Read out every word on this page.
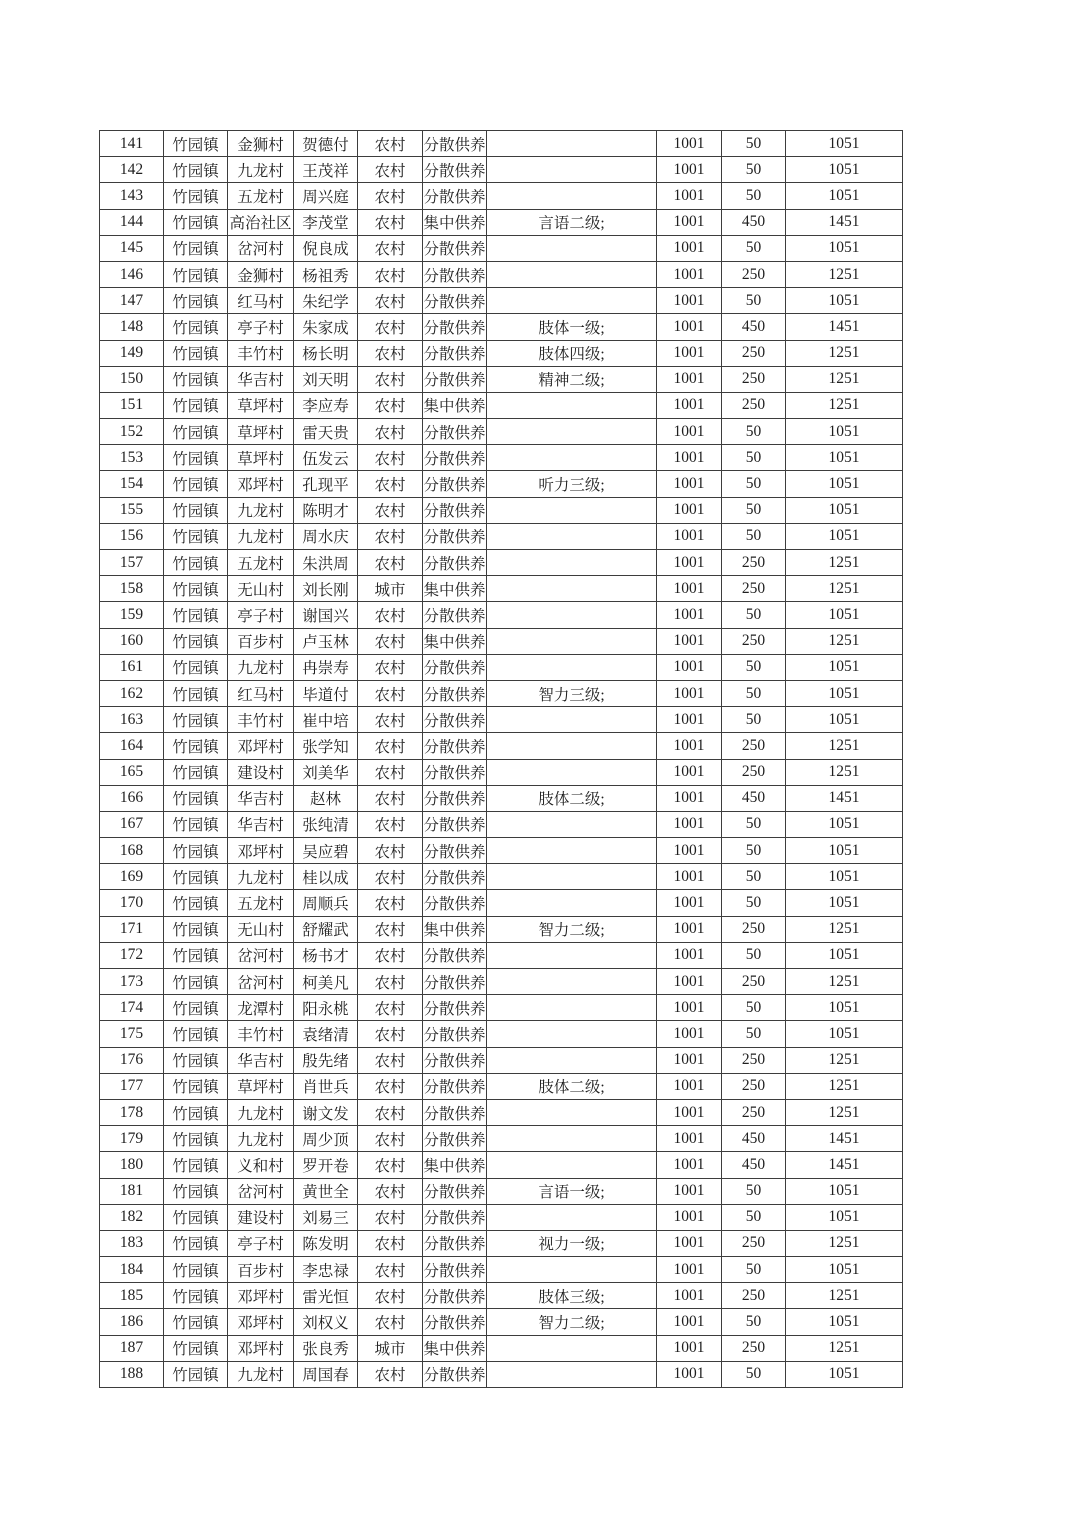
141	竹园镇	金狮村	贺德付	农村	分散供养		1001	50	1051
142	竹园镇	九龙村	王茂祥	农村	分散供养		1001	50	1051
143	竹园镇	五龙村	周兴庭	农村	分散供养		1001	50	1051
144	竹园镇	高治社区	李茂堂	农村	集中供养	言语二级;	1001	450	1451
145	竹园镇	岔河村	倪良成	农村	分散供养		1001	50	1051
146	竹园镇	金狮村	杨祖秀	农村	分散供养		1001	250	1251
147	竹园镇	红马村	朱纪学	农村	分散供养		1001	50	1051
148	竹园镇	亭子村	朱家成	农村	分散供养	肢体一级;	1001	450	1451
149	竹园镇	丰竹村	杨长明	农村	分散供养	肢体四级;	1001	250	1251
150	竹园镇	华吉村	刘天明	农村	分散供养	精神二级;	1001	250	1251
151	竹园镇	草坪村	李应寿	农村	集中供养		1001	250	1251
152	竹园镇	草坪村	雷天贵	农村	分散供养		1001	50	1051
153	竹园镇	草坪村	伍发云	农村	分散供养		1001	50	1051
154	竹园镇	邓坪村	孔现平	农村	分散供养	听力三级;	1001	50	1051
155	竹园镇	九龙村	陈明才	农村	分散供养		1001	50	1051
156	竹园镇	九龙村	周水庆	农村	分散供养		1001	50	1051
157	竹园镇	五龙村	朱洪周	农村	分散供养		1001	250	1251
158	竹园镇	无山村	刘长刚	城市	集中供养		1001	250	1251
159	竹园镇	亭子村	谢国兴	农村	分散供养		1001	50	1051
160	竹园镇	百步村	卢玉林	农村	集中供养		1001	250	1251
161	竹园镇	九龙村	冉崇寿	农村	分散供养		1001	50	1051
162	竹园镇	红马村	毕道付	农村	分散供养	智力三级;	1001	50	1051
163	竹园镇	丰竹村	崔中培	农村	分散供养		1001	50	1051
164	竹园镇	邓坪村	张学知	农村	分散供养		1001	250	1251
165	竹园镇	建设村	刘美华	农村	分散供养		1001	250	1251
166	竹园镇	华吉村	赵林	农村	分散供养	肢体二级;	1001	450	1451
167	竹园镇	华吉村	张纯清	农村	分散供养		1001	50	1051
168	竹园镇	邓坪村	吴应碧	农村	分散供养		1001	50	1051
169	竹园镇	九龙村	桂以成	农村	分散供养		1001	50	1051
170	竹园镇	五龙村	周顺兵	农村	分散供养		1001	50	1051
171	竹园镇	无山村	舒耀武	农村	集中供养	智力二级;	1001	250	1251
172	竹园镇	岔河村	杨书才	农村	分散供养		1001	50	1051
173	竹园镇	岔河村	柯美凡	农村	分散供养		1001	250	1251
174	竹园镇	龙潭村	阳永桃	农村	分散供养		1001	50	1051
175	竹园镇	丰竹村	袁绪清	农村	分散供养		1001	50	1051
176	竹园镇	华吉村	殷先绪	农村	分散供养		1001	250	1251
177	竹园镇	草坪村	肖世兵	农村	分散供养	肢体二级;	1001	250	1251
178	竹园镇	九龙村	谢文发	农村	分散供养		1001	250	1251
179	竹园镇	九龙村	周少顶	农村	分散供养		1001	450	1451
180	竹园镇	义和村	罗开卷	农村	集中供养		1001	450	1451
181	竹园镇	岔河村	黄世全	农村	分散供养	言语一级;	1001	50	1051
182	竹园镇	建设村	刘易三	农村	分散供养		1001	50	1051
183	竹园镇	亭子村	陈发明	农村	分散供养	视力一级;	1001	250	1251
184	竹园镇	百步村	李忠禄	农村	分散供养		1001	50	1051
185	竹园镇	邓坪村	雷光恒	农村	分散供养	肢体三级;	1001	250	1251
186	竹园镇	邓坪村	刘权义	农村	分散供养	智力二级;	1001	50	1051
187	竹园镇	邓坪村	张良秀	城市	集中供养		1001	250	1251
188	竹园镇	九龙村	周国春	农村	分散供养		1001	50	1051
